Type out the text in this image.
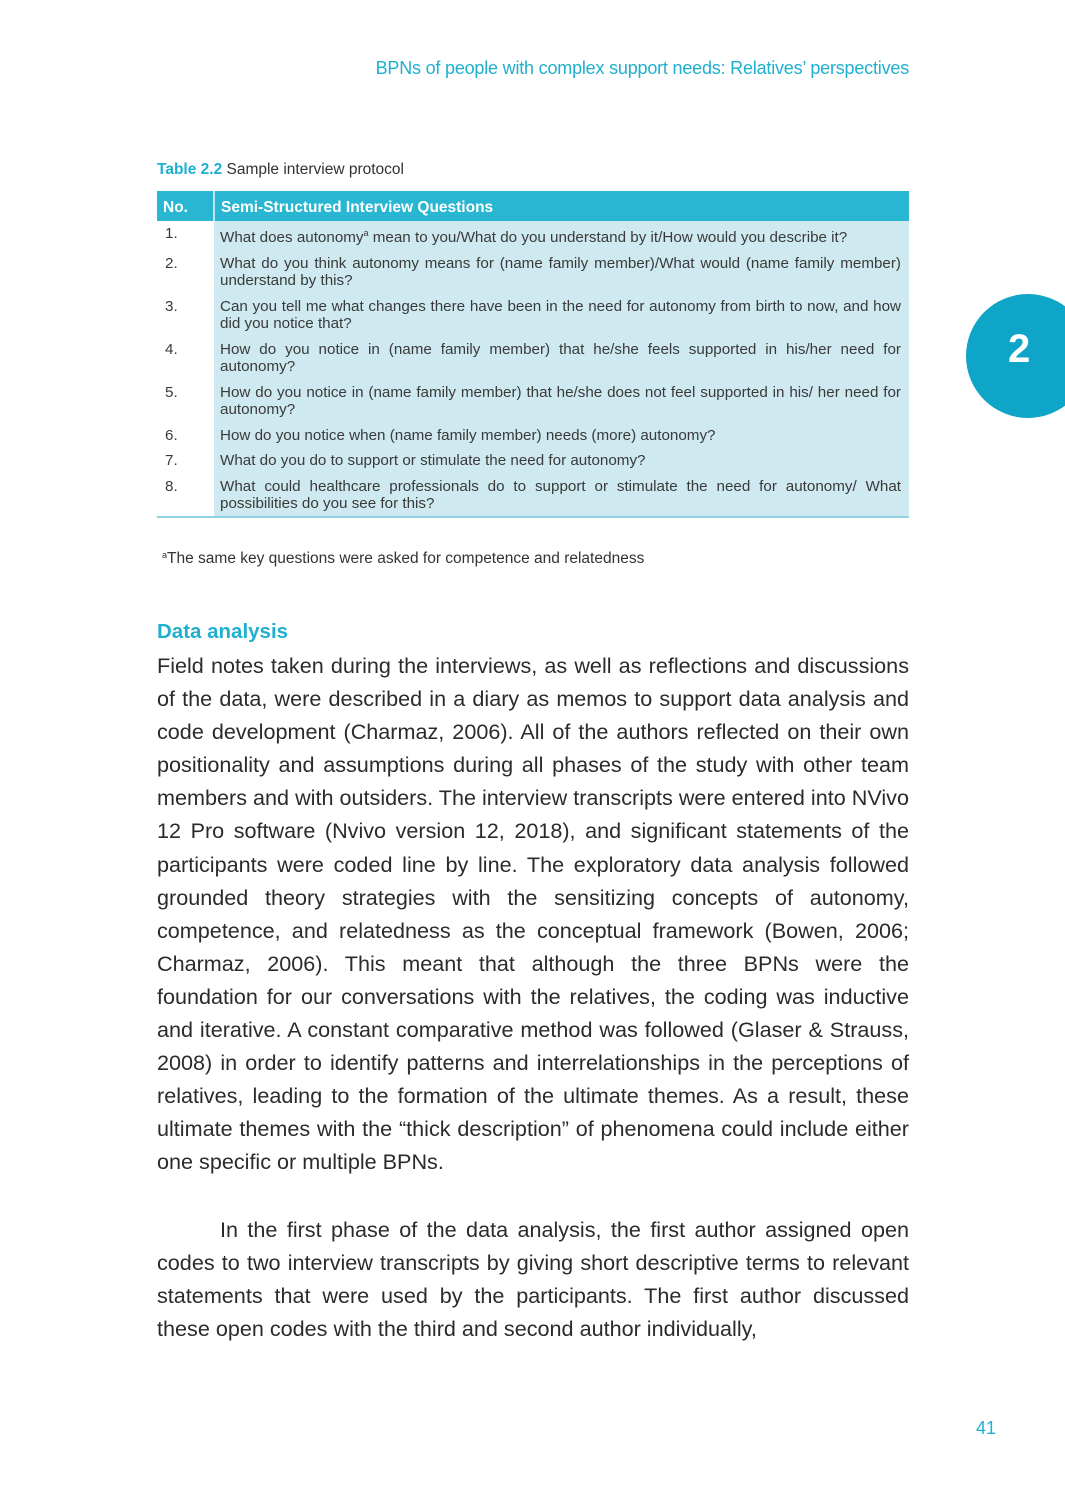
BPNs of people with complex support needs: Relatives’ perspectives
2
Table 2.2 Sample interview protocol
No.	Semi-Structured Interview Questions
1.	What does autonomy$^a$ mean to you/What do you understand by it/How would you describe it?
2.	What do you think autonomy means for (name family member)/What would (name family member) understand by this?
3.	Can you tell me what changes there have been in the need for autonomy from birth to now, and how did you notice that?
4.	How do you notice in (name family member) that he/she feels supported in his/her need for autonomy?
5.	How do you notice in (name family member) that he/she does not feel supported in his/ her need for autonomy?
6.	How do you notice when (name family member) needs (more) autonomy?
7.	What do you do to support or stimulate the need for autonomy?
8.	What could healthcare professionals do to support or stimulate the need for autonomy/ What possibilities do you see for this?
$^a$The same key questions were asked for competence and relatedness
Data analysis

Field notes taken during the interviews, as well as reflections and discussions of the data, were described in a diary as memos to support data analysis and code development (Charmaz, 2006). All of the authors reflected on their own positionality and assumptions during all phases of the study with other team members and with outsiders. The interview transcripts were entered into NVivo 12 Pro software (Nvivo version 12, 2018), and significant statements of the participants were coded line by line. The exploratory data analysis followed grounded theory strategies with the sensitizing concepts of autonomy, competence, and relatedness as the conceptual framework (Bowen, 2006; Charmaz, 2006). This meant that although the three BPNs were the foundation for our conversations with the relatives, the coding was inductive and iterative. A constant comparative method was followed (Glaser & Strauss, 2008) in order to identify patterns and interrelationships in the perceptions of relatives, leading to the formation of the ultimate themes. As a result, these ultimate themes with the “thick description” of phenomena could include either one specific or multiple BPNs.

In the first phase of the data analysis, the first author assigned open codes to two interview transcripts by giving short descriptive terms to relevant statements that were used by the participants. The first author discussed these open codes with the third and second author individually,

41
